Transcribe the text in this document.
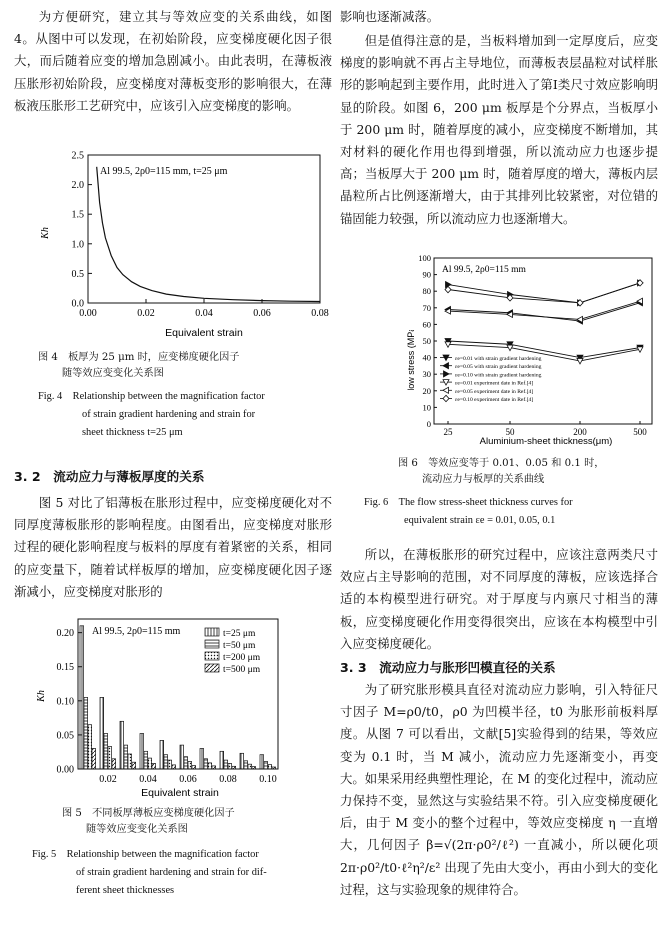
为方便研究，建立其与等效应变的关系曲线，如图 4。从图中可以发现，在初始阶段，应变梯度硬化因子很大，而后随着应变的增加急剧减小。由此表明，在薄板液压胀形初始阶段，应变梯度对薄板变形的影响很大，在薄板液压胀形工艺研究中，应该引入应变梯度的影响。

0.0
0.5
1.0
1.5
2.0
2.5
0.00	0.02	0.04	0.06	0.08
Al 99.5, 2ρ0=115 mm, t=25 μm
Equivalent strain
Kh

图 4　板厚为 25 μm 时，应变梯度硬化因子

随等效应变变化关系图

Fig. 4　Relationship between the magnification factor

of strain gradient hardening and strain for

sheet thickness t=25 μm

3. 2　流动应力与薄板厚度的关系

图 5 对比了铝薄板在胀形过程中，应变梯度硬化对不同厚度薄板胀形的影响程度。由图看出，应变梯度对胀形过程的硬化影响程度与板料的厚度有着紧密的关系，相同的应变量下，随着试样板厚的增加，应变梯度硬化因子逐渐减小，应变梯度对胀形的

0.00
0.05
0.10
0.15
0.20
0.02 0.04 0.06 0.08 0.10
Al 99.5, 2ρ0=115 mm	t=25 μm
t=50 μm
t=200 μm
t=500 μm
Equivalent strain
Kh

图 5　不同板厚薄板应变梯度硬化因子

随等效应变变化关系图

Fig. 5　Relationship between the magnification factor

of strain gradient hardening and strain for dif-

ferent sheet thicknesses

影响也逐渐减落。

但是值得注意的是，当板料增加到一定厚度后，应变梯度的影响就不再占主导地位，而薄板表层晶粒对试样胀形的影响起到主要作用，此时进入了第Ⅰ类尺寸效应影响明显的阶段。如图 6，200 μm 板厚是个分界点，当板厚小于 200 μm 时，随着厚度的减小，应变梯度不断增加，其对材料的硬化作用也得到增强，所以流动应力也逐步提高；当板厚大于 200 μm 时，随着厚度的增大，薄板内层晶粒所占比例逐渐增大，由于其排列比较紧密，对位错的锚固能力较强，所以流动应力也逐渐增大。

0
10
20
30
40
50
60
70
80
90
100
25	50	200	500
Al 99.5, 2ρ0=115 mm
εe=0.01 with strain gradient hardening
εe=0.05 with strain gradient hardening
εe=0.10 with strain gradient hardening
εe=0.01 experiment date in Ref.[4]
εe=0.05 experiment date in Ref.[4]
εe=0.10 experiment date in Ref.[4]
Aluminium-sheet thickness(μm)
Flow stress (MPa)

图 6　等效应变等于 0.01、0.05 和 0.1 时，

流动应力与板厚的关系曲线

Fig. 6　The flow stress-sheet thickness curves for

equivalent strain εe = 0.01, 0.05, 0.1

所以，在薄板胀形的研究过程中，应该注意两类尺寸效应占主导影响的范围，对不同厚度的薄板，应该选择合适的本构模型进行研究。对于厚度与内禀尺寸相当的薄板，应变梯度硬化作用变得很突出，应该在本构模型中引入应变梯度硬化。

3. 3　流动应力与胀形凹模直径的关系

为了研究胀形模具直径对流动应力影响，引入特征尺寸因子 M=ρ0/t0，ρ0 为凹模半径，t0 为胀形前板料厚度。从图 7 可以看出，文献[5]实验得到的结果，等效应变为 0.1 时，当 M 减小，流动应力先逐渐变小，再变大。如果采用经典塑性理论，在 M 的变化过程中，流动应力保持不变，显然这与实验结果不符。引入应变梯度硬化后，由于 M 变小的整个过程中，等效应变梯度 η 一直增大，几何因子 β=√(2π·ρ0²/ℓ²) 一直减小，所以硬化项 2π·ρ0²/t0·ℓ²η²/ε² 出现了先由大变小，再由小到大的变化过程，这与实验现象的规律符合。
